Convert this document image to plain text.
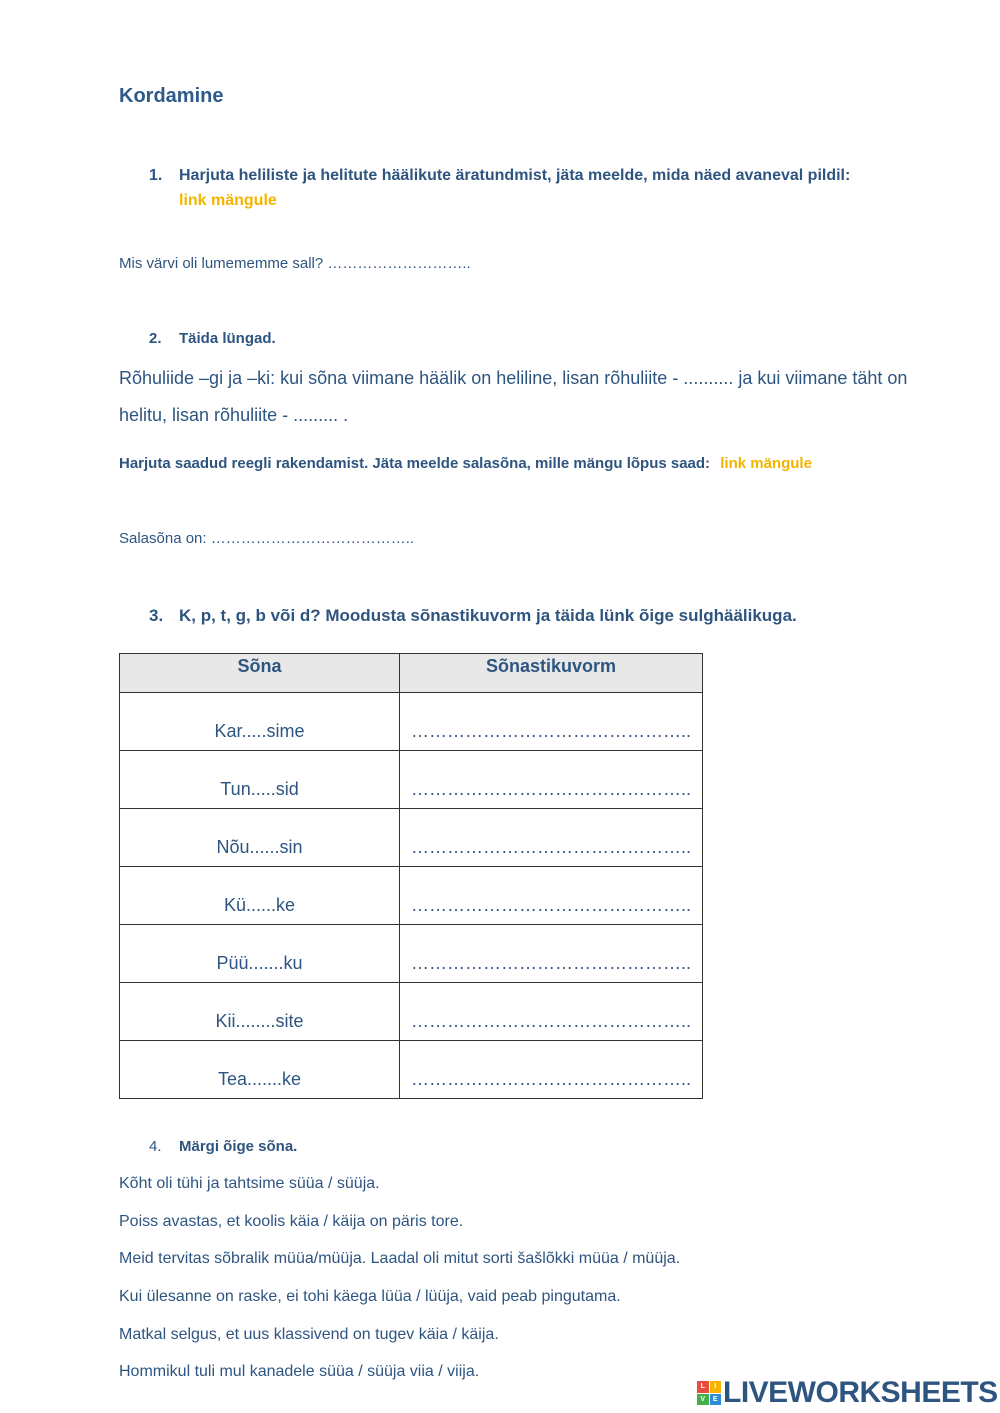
Kordamine
1. Harjuta heliliste ja helitute häälikute äratundmist, jäta meelde, mida näed avaneval pildil:
link mängule
Mis värvi oli lumememme sall? ………………………..
2. Täida lüngad.
Rõhuliide –gi ja –ki: kui sõna viimane häälik on heliline, lisan rõhuliite - .......... ja kui viimane täht on
helitu, lisan rõhuliite - ......... .
Harjuta saadud reegli rakendamist. Jäta meelde salasõna, mille mängu lõpus saad: link mängule
Salasõna on: …………………………………..
3. K, p, t, g, b või d? Moodusta sõnastikuvorm ja täida lünk õige sulghäälikuga.
Sõna	Sõnastikuvorm
Kar.....sime	………………………………………..
Tun.....sid	………………………………………..
Nõu......sin	………………………………………..
Kü......ke	………………………………………..
Püü.......ku	………………………………………..
Kii........site	………………………………………..
Tea.......ke	………………………………………..
4. Märgi õige sõna.
Kõht oli tühi ja tahtsime süüa / süüja.
Poiss avastas, et koolis käia / käija on päris tore.
Meid tervitas sõbralik müüa/müüja. Laadal oli mitut sorti šašlõkki müüa / müüja.
Kui ülesanne on raske, ei tohi käega lüüa / lüüja, vaid peab pingutama.
Matkal selgus, et uus klassivend on tugev käia / käija.
Hommikul tuli mul kanadele süüa / süüja viia / viija.
L	I
V	E LIVEWORKSHEETS
